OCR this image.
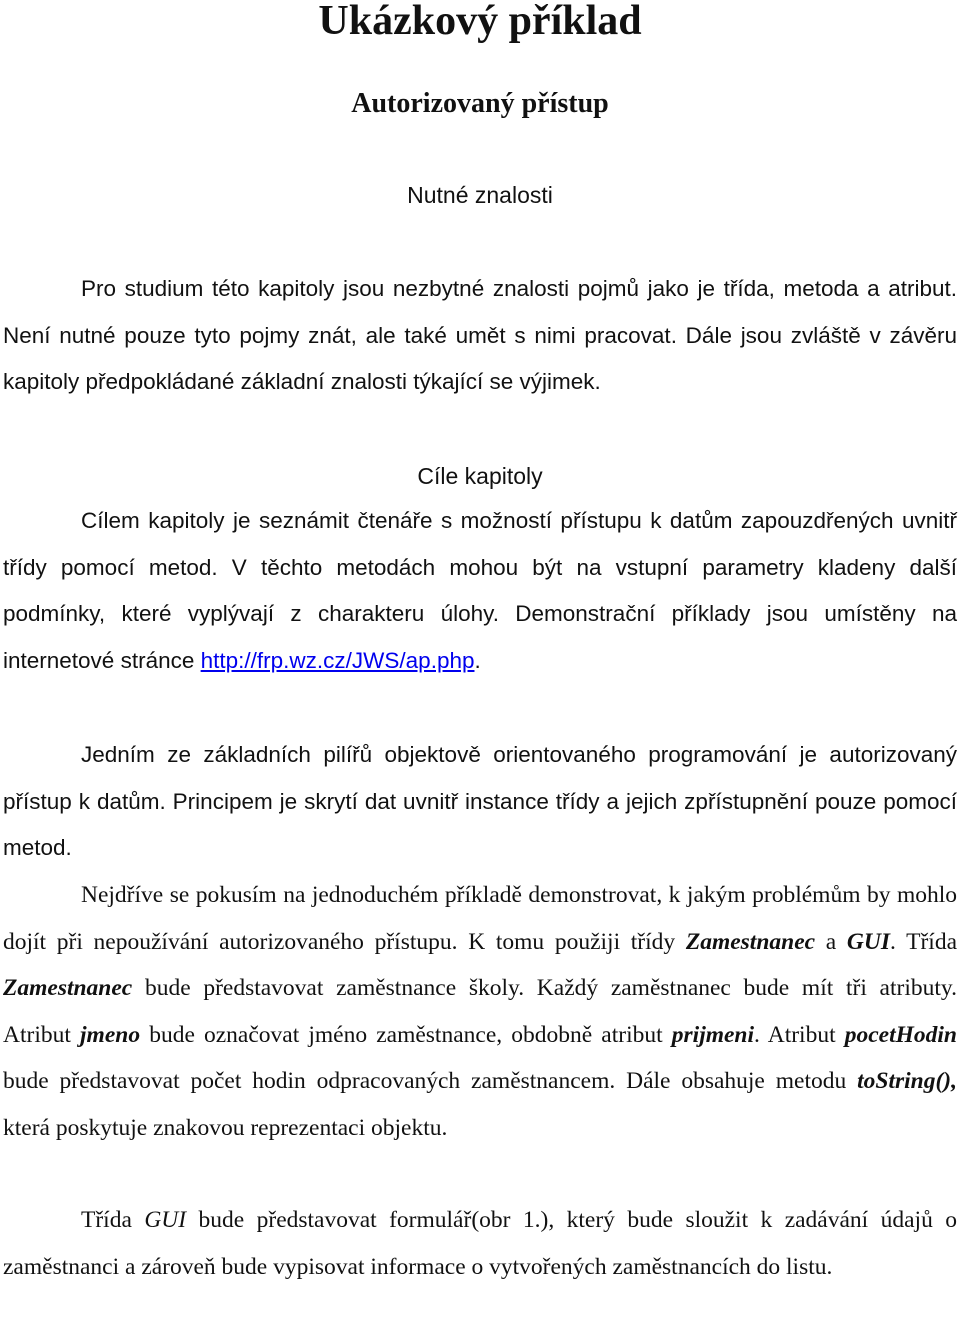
Ukázkový příklad
Autorizovaný přístup
Nutné znalosti

Pro studium této kapitoly jsou nezbytné znalosti pojmů jako je třída, metoda a atribut. Není nutné pouze tyto pojmy znát, ale také umět s nimi pracovat. Dále jsou zvláště v závěru kapitoly předpokládané základní znalosti týkající se výjimek.

Cíle kapitoly

Cílem kapitoly je seznámit čtenáře s možností přístupu k datům zapouzdřených uvnitř třídy pomocí metod. V těchto metodách mohou být na vstupní parametry kladeny další podmínky, které vyplývají z charakteru úlohy. Demonstrační příklady jsou umístěny na internetové stránce http://frp.wz.cz/JWS/ap.php.

Jedním ze základních pilířů objektově orientovaného programování je autorizovaný přístup k datům. Principem je skrytí dat uvnitř instance třídy a jejich zpřístupnění pouze pomocí metod.

Nejdříve se pokusím na jednoduchém příkladě demonstrovat, k jakým problémům by mohlo dojít při nepoužívání autorizovaného přístupu. K tomu použiji třídy Zamestnanec a GUI. Třída Zamestnanec bude představovat zaměstnance školy. Každý zaměstnanec bude mít tři atributy. Atribut jmeno bude označovat jméno zaměstnance, obdobně atribut prijmeni. Atribut pocetHodin bude představovat počet hodin odpracovaných zaměstnancem. Dále obsahuje metodu toString(), která poskytuje znakovou reprezentaci objektu.

Třída GUI bude představovat formulář(obr 1.), který bude sloužit k zadávání údajů o zaměstnanci a zároveň bude vypisovat informace o vytvořených zaměstnancích do listu.
